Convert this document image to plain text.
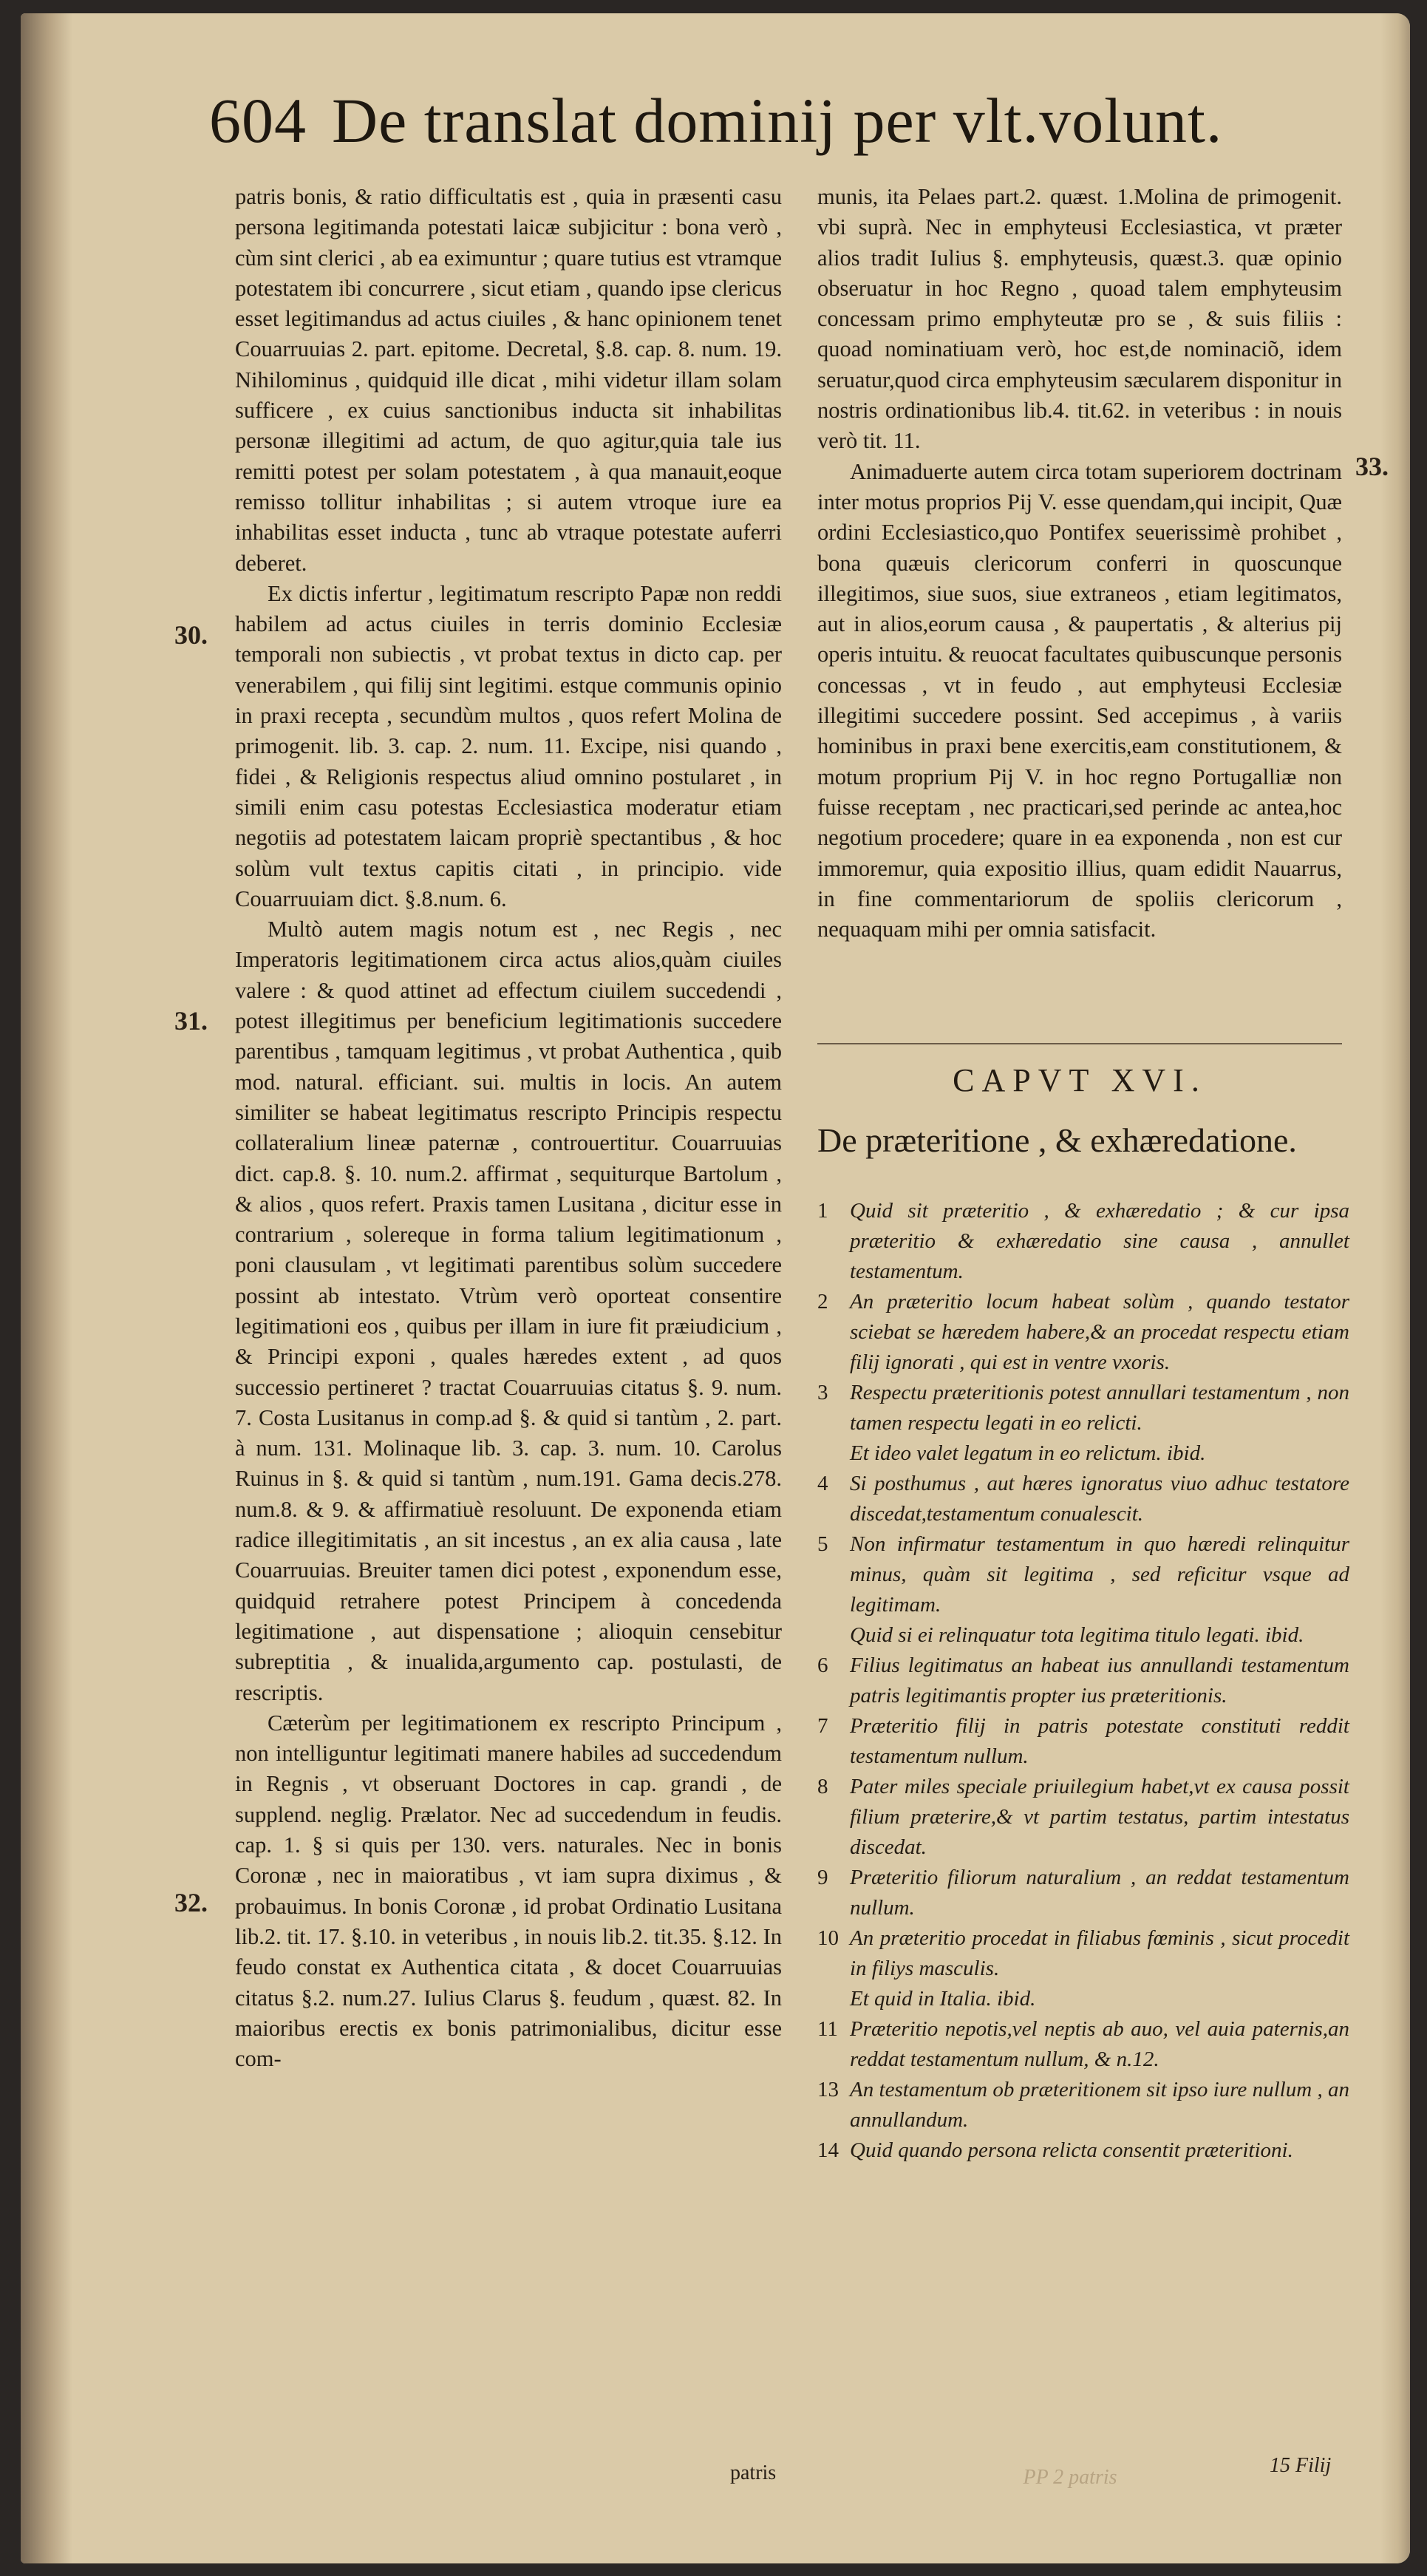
604 De translat dominij per vlt.volunt.
30.
31.
32.
33.

patris bonis, & ratio difficultatis est , quia in præsenti casu persona legitimanda potestati laicæ subjicitur : bona verò , cùm sint clerici , ab ea eximuntur ; quare tutius est vtramque potestatem ibi concurrere , sicut etiam , quando ipse clericus esset legitimandus ad actus ciuiles , & hanc opinionem tenet Couarruuias 2. part. epitome. Decretal, §.8. cap. 8. num. 19. Nihilominus , quidquid ille dicat , mihi videtur illam solam sufficere , ex cuius sanctionibus inducta sit inhabilitas personæ illegitimi ad actum, de quo agitur,quia tale ius remitti potest per solam potestatem , à qua manauit,eoque remisso tollitur inhabilitas ; si autem vtroque iure ea inhabilitas esset inducta , tunc ab vtraque potestate auferri deberet.

Ex dictis infertur , legitimatum rescripto Papæ non reddi habilem ad actus ciuiles in terris dominio Ecclesiæ temporali non subiectis , vt probat textus in dicto cap. per venerabilem , qui filij sint legitimi. estque communis opinio in praxi recepta , secundùm multos , quos refert Molina de primogenit. lib. 3. cap. 2. num. 11. Excipe, nisi quando , fidei , & Religionis respectus aliud omnino postularet , in simili enim casu potestas Ecclesiastica moderatur etiam negotiis ad potestatem laicam propriè spectantibus , & hoc solùm vult textus capitis citati , in principio. vide Couarruuiam dict. §.8.num. 6.

Multò autem magis notum est , nec Regis , nec Imperatoris legitimationem circa actus alios,quàm ciuiles valere : & quod attinet ad effectum ciuilem succedendi , potest illegitimus per beneficium legitimationis succedere parentibus , tamquam legitimus , vt probat Authentica , quib mod. natural. efficiant. sui. multis in locis. An autem similiter se habeat legitimatus rescripto Principis respectu collateralium lineæ paternæ , controuertitur. Couarruuias dict. cap.8. §. 10. num.2. affirmat , sequiturque Bartolum , & alios , quos refert. Praxis tamen Lusitana , dicitur esse in contrarium , solereque in forma talium legitimationum , poni clausulam , vt legitimati parentibus solùm succedere possint ab intestato. Vtrùm verò oporteat consentire legitimationi eos , quibus per illam in iure fit præiudicium , & Principi exponi , quales hæredes extent , ad quos successio pertineret ? tractat Couarruuias citatus §. 9. num. 7. Costa Lusitanus in comp.ad §. & quid si tantùm , 2. part. à num. 131. Molinaque lib. 3. cap. 3. num. 10. Carolus Ruinus in §. & quid si tantùm , num.191. Gama decis.278. num.8. & 9. & affirmatiuè resoluunt. De exponenda etiam radice illegitimitatis , an sit incestus , an ex alia causa , late Couarruuias. Breuiter tamen dici potest , exponendum esse, quidquid retrahere potest Principem à concedenda legitimatione , aut dispensatione ; alioquin censebitur subreptitia , & inualida,argumento cap. postulasti, de rescriptis.

Cæterùm per legitimationem ex rescripto Principum , non intelliguntur legitimati manere habiles ad succedendum in Regnis , vt obseruant Doctores in cap. grandi , de supplend. neglig. Prælator. Nec ad succedendum in feudis. cap. 1. § si quis per 130. vers. naturales. Nec in bonis Coronæ , nec in maioratibus , vt iam supra diximus , & probauimus. In bonis Coronæ , id probat Ordinatio Lusitana lib.2. tit. 17. §.10. in veteribus , in nouis lib.2. tit.35. §.12. In feudo constat ex Authentica citata , & docet Couarruuias citatus §.2. num.27. Iulius Clarus §. feudum , quæst. 82. In maioribus erectis ex bonis patrimonialibus, dicitur esse com-

munis, ita Pelaes part.2. quæst. 1.Molina de primogenit. vbi suprà. Nec in emphyteusi Ecclesiastica, vt præter alios tradit Iulius §. emphyteusis, quæst.3. quæ opinio obseruatur in hoc Regno , quoad talem emphyteusim concessam primo emphyteutæ pro se , & suis filiis : quoad nominatiuam verò, hoc est,de nominaciõ, idem seruatur,quod circa emphyteusim sæcularem disponitur in nostris ordinationibus lib.4. tit.62. in veteribus : in nouis verò tit. 11.

Animaduerte autem circa totam superiorem doctrinam inter motus proprios Pij V. esse quendam,qui incipit, Quæ ordini Ecclesiastico,quo Pontifex seuerissimè prohibet , bona quæuis clericorum conferri in quoscunque illegitimos, siue suos, siue extraneos , etiam legitimatos, aut in alios,eorum causa , & paupertatis , & alterius pij operis intuitu. & reuocat facultates quibuscunque personis concessas , vt in feudo , aut emphyteusi Ecclesiæ illegitimi succedere possint. Sed accepimus , à variis hominibus in praxi bene exercitis,eam constitutionem, & motum proprium Pij V. in hoc regno Portugalliæ non fuisse receptam , nec practicari,sed perinde ac antea,hoc negotium procedere; quare in ea exponenda , non est cur immoremur, quia expositio illius, quam edidit Nauarrus, in fine commentariorum de spoliis clericorum , nequaquam mihi per omnia satisfacit.

CAPVT XVI.
De præteritione , & exhæredatione.
1	Quid sit præteritio , & exhæredatio ; & cur ipsa præteritio & exhæredatio sine causa , annullet testamentum.
2	An præteritio locum habeat solùm , quando testator sciebat se hæredem habere,& an procedat respectu etiam filij ignorati , qui est in ventre vxoris.
3	Respectu præteritionis potest annullari testamentum , non tamen respectu legati in eo relicti.
Et ideo valet legatum in eo relictum. ibid.
4	Si posthumus , aut hæres ignoratus viuo adhuc testatore discedat,testamentum conualescit.
5	Non infirmatur testamentum in quo hæredi relinquitur minus, quàm sit legitima , sed reficitur vsque ad legitimam.
Quid si ei relinquatur tota legitima titulo legati. ibid.
6	Filius legitimatus an habeat ius annullandi testamentum patris legitimantis propter ius præteritionis.
7	Præteritio filij in patris potestate constituti reddit testamentum nullum.
8	Pater miles speciale priuilegium habet,vt ex causa possit filium præterire,& vt partim testatus, partim intestatus discedat.
9	Præteritio filiorum naturalium , an reddat testamentum nullum.
10 An præteritio procedat in filiabus fœminis , sicut procedit in filiys masculis.
Et quid in Italia. ibid.
11 Præteritio nepotis,vel neptis ab auo, vel auia paternis,an reddat testamentum nullum, & n.12.
13 An testamentum ob præteritionem sit ipso iure nullum , an annullandum.
14 Quid quando persona relicta consentit præteritioni.
patris	15 Filij
PP 2 patris
